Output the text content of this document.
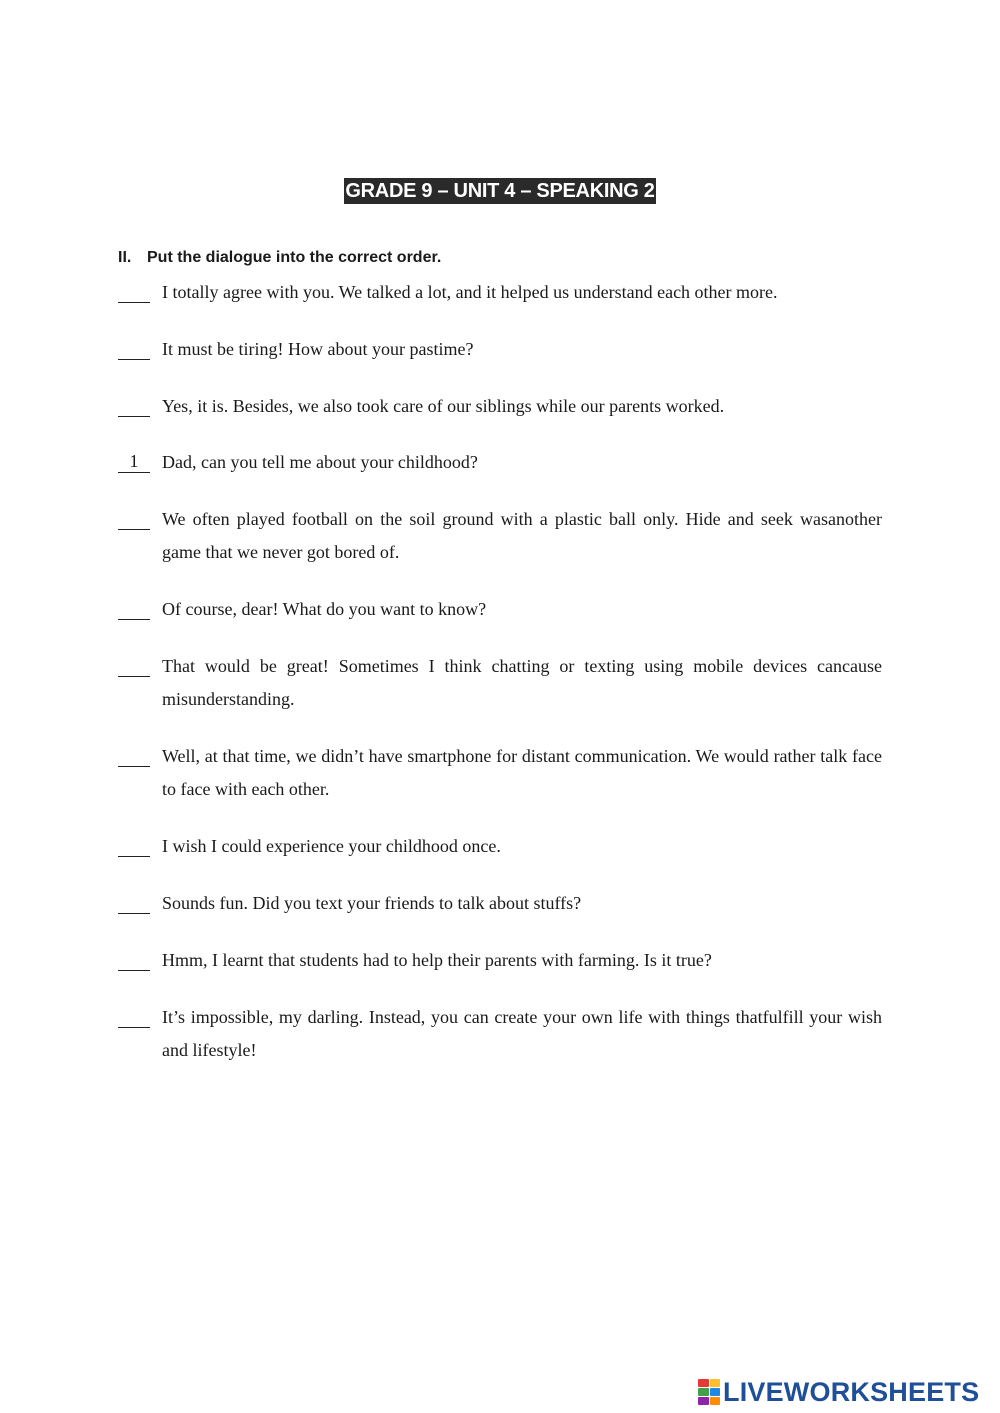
GRADE 9 – UNIT 4 – SPEAKING 2
II. Put the dialogue into the correct order.
I totally agree with you. We talked a lot, and it helped us understand each other more.
It must be tiring! How about your pastime?
Yes, it is. Besides, we also took care of our siblings while our parents worked.
1	Dad, can you tell me about your childhood?
We often played football on the soil ground with a plastic ball only. Hide and seek wasanother game that we never got bored of.
Of course, dear! What do you want to know?
That would be great! Sometimes I think chatting or texting using mobile devices cancause misunderstanding.
Well, at that time, we didn’t have smartphone for distant communication. We would rather talk face to face with each other.
I wish I could experience your childhood once.
Sounds fun. Did you text your friends to talk about stuffs?
Hmm, I learnt that students had to help their parents with farming. Is it true?
It’s impossible, my darling. Instead, you can create your own life with things thatfulfill your wish and lifestyle!
LIVEWORKSHEETS
